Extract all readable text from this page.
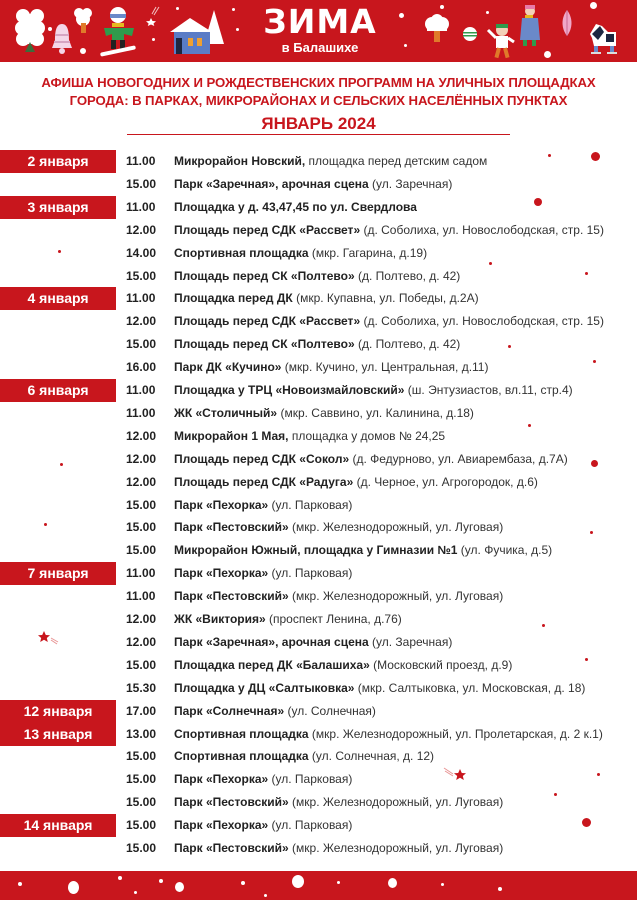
ЗИМА
в Балашихе
АФИША НОВОГОДНИХ И РОЖДЕСТВЕНСКИХ ПРОГРАММ НА УЛИЧНЫХ ПЛОЩАДКАХ
ГОРОДА: В ПАРКАХ, МИКРОРАЙОНАХ И СЕЛЬСКИХ НАСЕЛЁННЫХ ПУНКТАХ
ЯНВАРЬ 2024
2 января	11.00 Микрорайон Новский, площадка перед детским садом
15.00 Парк «Заречная», арочная сцена (ул. Заречная)
3 января	11.00 Площадка у д. 43,47,45 по ул. Свердлова
12.00 Площадь перед СДК «Рассвет» (д. Соболиха, ул. Новослободская, стр. 15)
14.00 Спортивная площадка (мкр. Гагарина, д.19)
15.00 Площадь перед СК «Полтево» (д. Полтево, д. 42)
4 января	11.00 Площадка перед ДК (мкр. Купавна, ул. Победы, д.2А)
12.00 Площадь перед СДК «Рассвет» (д. Соболиха, ул. Новослободская, стр. 15)
15.00 Площадь перед СК «Полтево» (д. Полтево, д. 42)
16.00 Парк ДК «Кучино» (мкр. Кучино, ул. Центральная, д.11)
6 января	11.00 Площадка у ТРЦ «Новоизмайловский» (ш. Энтузиастов, вл.11, стр.4)
11.00 ЖК «Столичный» (мкр. Саввино, ул. Калинина, д.18)
12.00 Микрорайон 1 Мая, площадка у домов № 24,25
12.00 Площадь перед СДК «Сокол» (д. Федурново, ул. Авиарембаза, д.7А)
12.00 Площадь перед СДК «Радуга» (д. Черное, ул. Агрогородок, д.6)
15.00 Парк «Пехорка» (ул. Парковая)
15.00 Парк «Пестовский» (мкр. Железнодорожный, ул. Луговая)
15.00 Микрорайон Южный, площадка у Гимназии №1 (ул. Фучика, д.5)
7 января	11.00 Парк «Пехорка» (ул. Парковая)
11.00 Парк «Пестовский» (мкр. Железнодорожный, ул. Луговая)
12.00 ЖК «Виктория» (проспект Ленина, д.76)
12.00 Парк «Заречная», арочная сцена (ул. Заречная)
15.00 Площадка перед ДК «Балашиха» (Московский проезд, д.9)
15.30 Площадка у ДЦ «Салтыковка» (мкр. Салтыковка, ул. Московская, д. 18)
12 января	17.00 Парк «Солнечная» (ул. Солнечная)
13 января	13.00 Спортивная площадка (мкр. Железнодорожный, ул. Пролетарская, д. 2 к.1)
15.00 Спортивная площадка (ул. Солнечная, д. 12)
15.00 Парк «Пехорка» (ул. Парковая)
15.00 Парк «Пестовский» (мкр. Железнодорожный, ул. Луговая)
14 января	15.00 Парк «Пехорка» (ул. Парковая)
15.00 Парк «Пестовский» (мкр. Железнодорожный, ул. Луговая)
